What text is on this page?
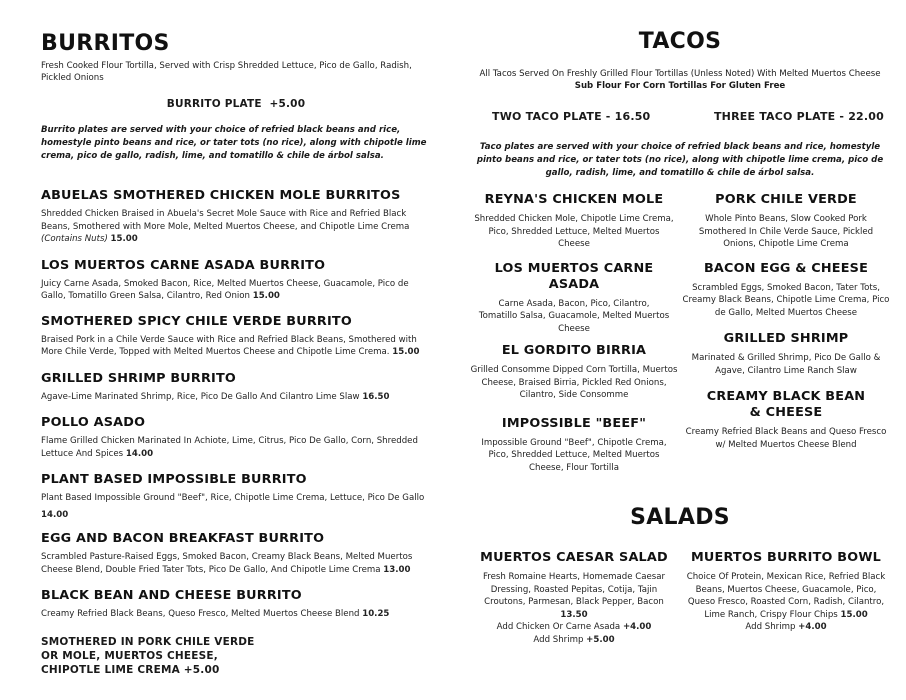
BURRITOS

Fresh Cooked Flour Tortilla, Served with Crisp Shredded Lettuce, Pico de Gallo, Radish, Pickled Onions

BURRITO PLATE  +5.00

Burrito plates are served with your choice of refried black beans and rice, homestyle pinto beans and rice, or tater tots (no rice), along with chipotle lime crema, pico de gallo, radish, lime, and tomatillo & chile de árbol salsa.

ABUELAS SMOTHERED CHICKEN MOLE BURRITOS
Shredded Chicken Braised in Abuela's Secret Mole Sauce with Rice and Refried Black Beans, Smothered with More Mole, Melted Muertos Cheese, and Chipotle Lime Crema (Contains Nuts) 15.00
LOS MUERTOS CARNE ASADA BURRITO
Juicy Carne Asada, Smoked Bacon, Rice, Melted Muertos Cheese, Guacamole, Pico de Gallo, Tomatillo Green Salsa, Cilantro, Red Onion 15.00
SMOTHERED SPICY CHILE VERDE BURRITO
Braised Pork in a Chile Verde Sauce with Rice and Refried Black Beans, Smothered with More Chile Verde, Topped with Melted Muertos Cheese and Chipotle Lime Crema. 15.00
GRILLED SHRIMP BURRITO
Agave-Lime Marinated Shrimp, Rice, Pico De Gallo And Cilantro Lime Slaw 16.50
POLLO ASADO
Flame Grilled Chicken Marinated In Achiote, Lime, Citrus, Pico De Gallo, Corn, Shredded Lettuce And Spices 14.00
PLANT BASED IMPOSSIBLE BURRITO
Plant Based Impossible Ground "Beef", Rice, Chipotle Lime Crema, Lettuce, Pico De Gallo
14.00
EGG AND BACON BREAKFAST BURRITO
Scrambled Pasture-Raised Eggs, Smoked Bacon, Creamy Black Beans, Melted Muertos Cheese Blend, Double Fried Tater Tots, Pico De Gallo, And Chipotle Lime Crema 13.00
BLACK BEAN AND CHEESE BURRITO
Creamy Refried Black Beans, Queso Fresco, Melted Muertos Cheese Blend 10.25
SMOTHERED IN PORK CHILE VERDE
OR MOLE, MUERTOS CHEESE,
CHIPOTLE LIME CREMA +5.00
TACOS

All Tacos Served On Freshly Grilled Flour Tortillas (Unless Noted) With Melted Muertos Cheese
Sub Flour For Corn Tortillas For Gluten Free

TWO TACO PLATE - 16.50	THREE TACO PLATE - 22.00

Taco plates are served with your choice of refried black beans and rice, homestyle pinto beans and rice, or tater tots (no rice), along with chipotle lime crema, pico de gallo, radish, lime, and tomatillo & chile de árbol salsa.

REYNA'S CHICKEN MOLE
Shredded Chicken Mole, Chipotle Lime Crema, Pico, Shredded Lettuce, Melted Muertos Cheese
LOS MUERTOS CARNE ASADA
Carne Asada, Bacon, Pico, Cilantro, Tomatillo Salsa, Guacamole, Melted Muertos Cheese
EL GORDITO BIRRIA
Grilled Consomme Dipped Corn Tortilla, Muertos Cheese, Braised Birria, Pickled Red Onions, Cilantro, Side Consomme
IMPOSSIBLE "BEEF"
Impossible Ground "Beef", Chipotle Crema, Pico, Shredded Lettuce, Melted Muertos Cheese, Flour Tortilla
PORK CHILE VERDE
Whole Pinto Beans, Slow Cooked Pork Smothered In Chile Verde Sauce, Pickled Onions, Chipotle Lime Crema
BACON EGG & CHEESE
Scrambled Eggs, Smoked Bacon, Tater Tots, Creamy Black Beans, Chipotle Lime Crema, Pico de Gallo, Melted Muertos Cheese
GRILLED SHRIMP
Marinated & Grilled Shrimp, Pico De Gallo & Agave, Cilantro Lime Ranch Slaw
CREAMY BLACK BEAN & CHEESE
Creamy Refried Black Beans and Queso Fresco w/ Melted Muertos Cheese Blend
SALADS
MUERTOS CAESAR SALAD
Fresh Romaine Hearts, Homemade Caesar Dressing, Roasted Pepitas, Cotija, Tajin Croutons, Parmesan, Black Pepper, Bacon 13.50
Add Chicken Or Carne Asada +4.00
Add Shrimp +5.00
MUERTOS BURRITO BOWL
Choice Of Protein, Mexican Rice, Refried Black Beans, Muertos Cheese, Guacamole, Pico, Queso Fresco, Roasted Corn, Radish, Cilantro, Lime Ranch, Crispy Flour Chips 15.00
Add Shrimp +4.00
